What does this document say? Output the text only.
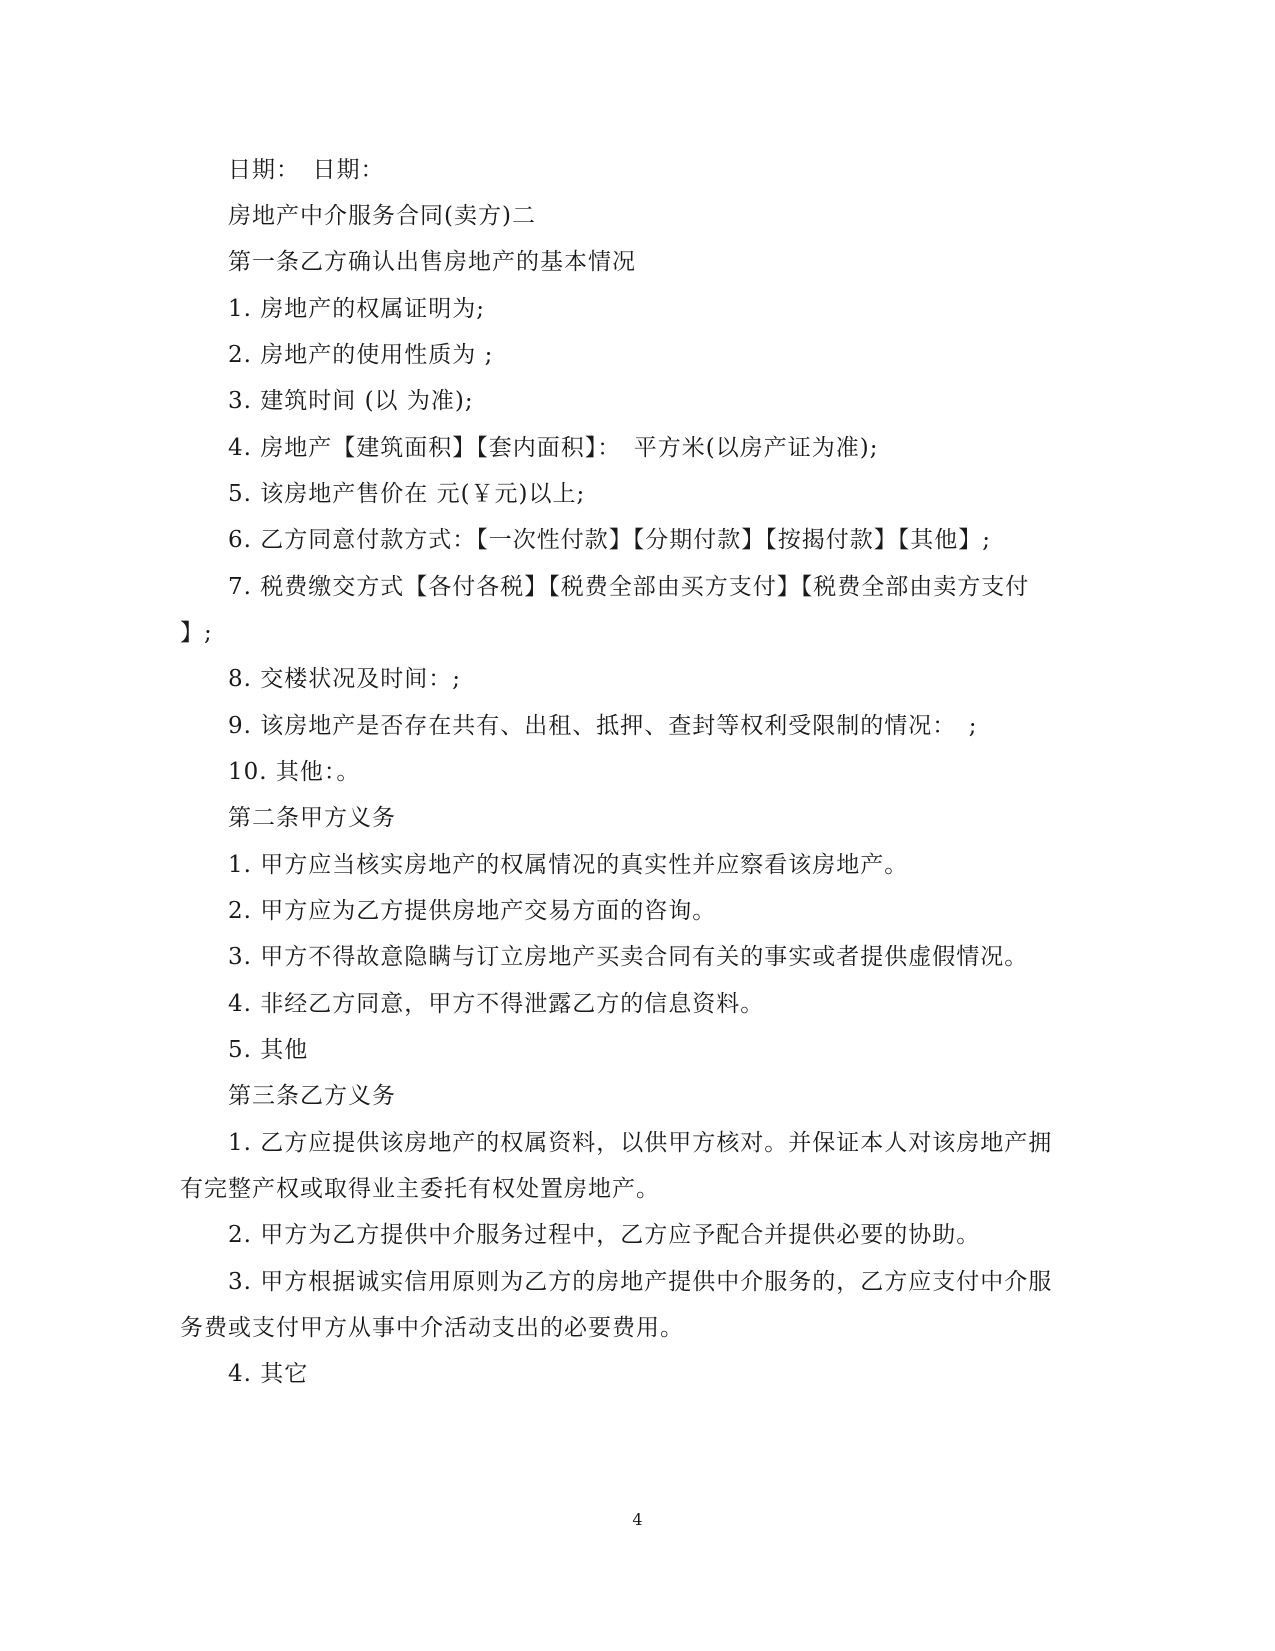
日期：　日期：
房地产中介服务合同(卖方)二
第一条乙方确认出售房地产的基本情况
1. 房地产的权属证明为;
2. 房地产的使用性质为 ;
3. 建筑时间 (以 为准);
4. 房地产【建筑面积】【套内面积】：　平方米(以房产证为准);
5. 该房地产售价在 元(￥元)以上;
6. 乙方同意付款方式：【一次性付款】【分期付款】【按揭付款】【其他】;
7. 税费缴交方式【各付各税】【税费全部由买方支付】【税费全部由卖方支付
】;
8. 交楼状况及时间：;
9. 该房地产是否存在共有、出租、抵押、查封等权利受限制的情况：　;
10. 其他：。
第二条甲方义务
1. 甲方应当核实房地产的权属情况的真实性并应察看该房地产。
2. 甲方应为乙方提供房地产交易方面的咨询。
3. 甲方不得故意隐瞒与订立房地产买卖合同有关的事实或者提供虚假情况。
4. 非经乙方同意，甲方不得泄露乙方的信息资料。
5. 其他
第三条乙方义务
1. 乙方应提供该房地产的权属资料，以供甲方核对。并保证本人对该房地产拥
有完整产权或取得业主委托有权处置房地产。
2. 甲方为乙方提供中介服务过程中，乙方应予配合并提供必要的协助。
3. 甲方根据诚实信用原则为乙方的房地产提供中介服务的，乙方应支付中介服
务费或支付甲方从事中介活动支出的必要费用。
4. 其它
4
